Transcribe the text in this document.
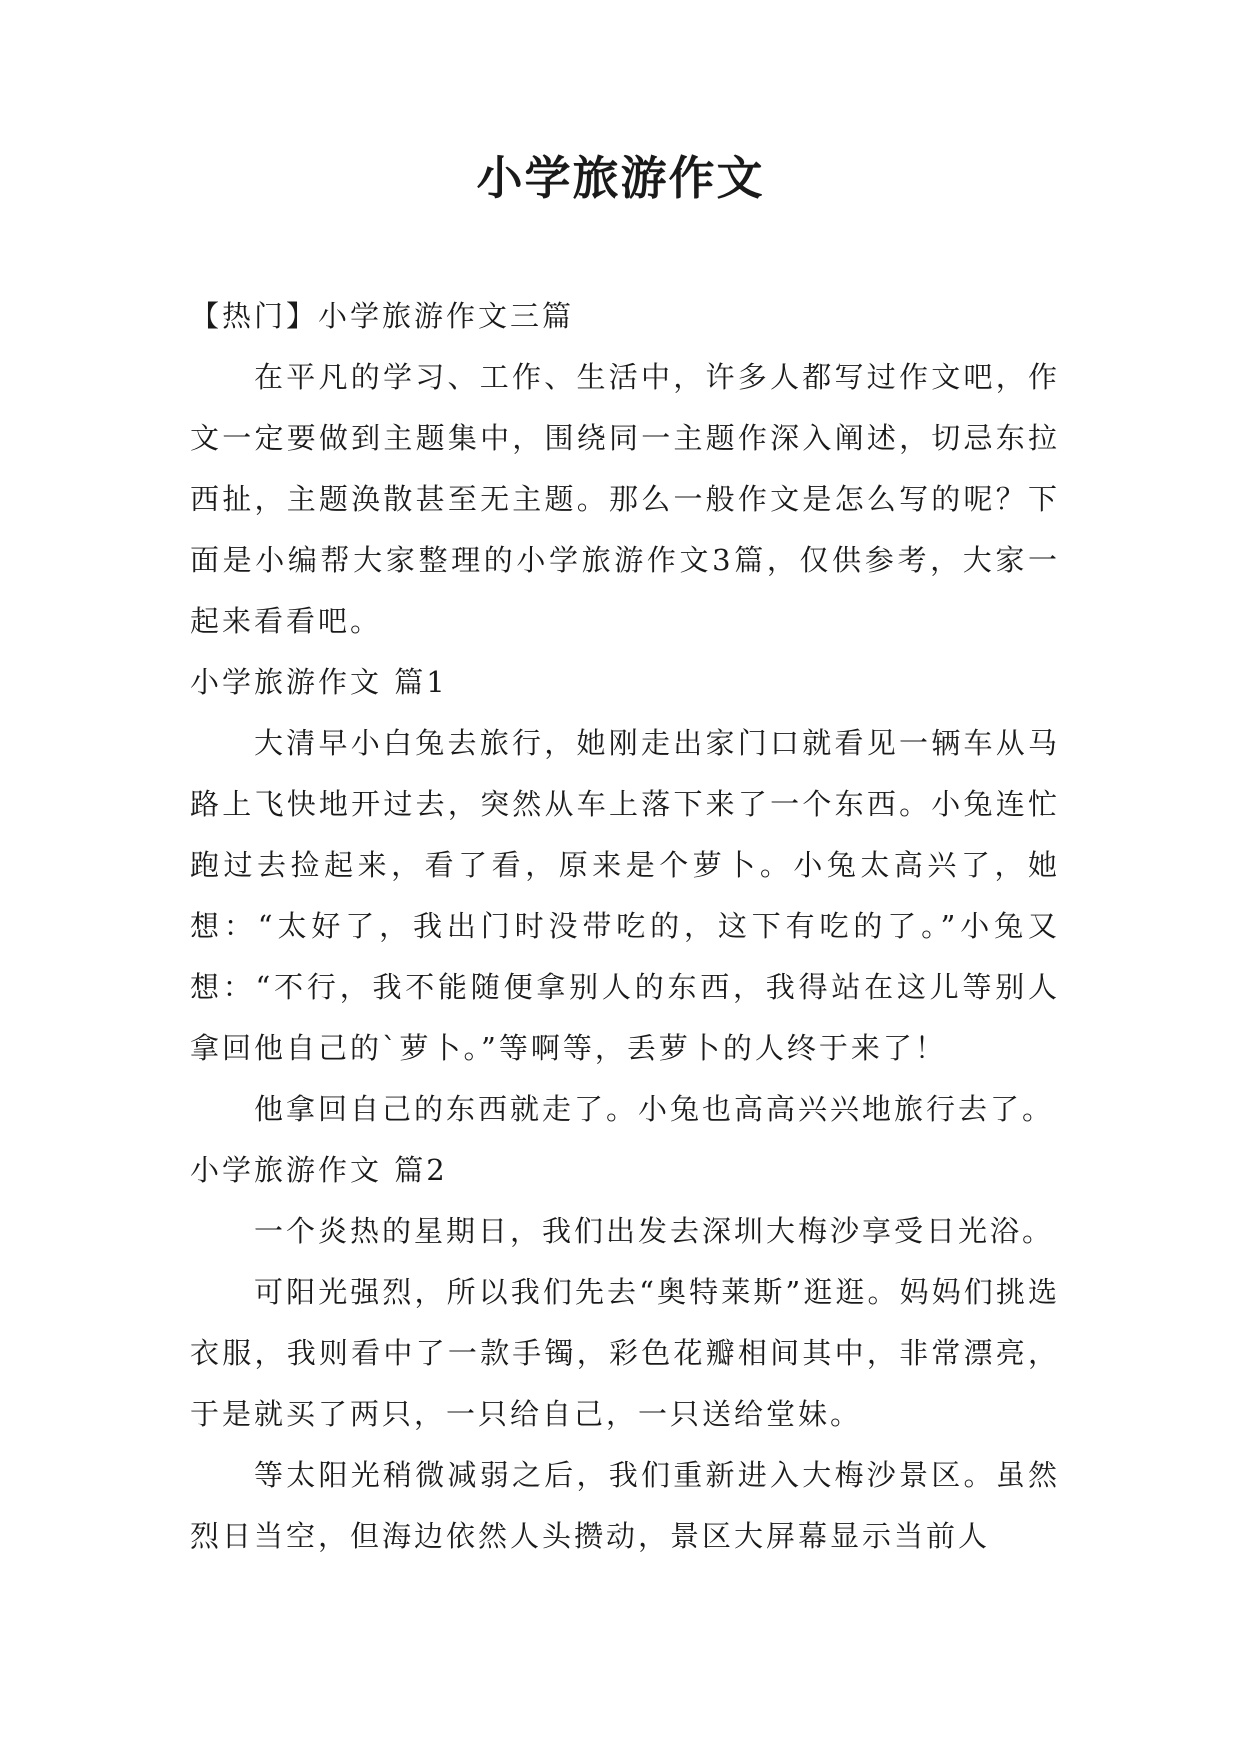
小学旅游作文

【热门】小学旅游作文三篇

在平凡的学习、工作、生活中，许多人都写过作文吧，作文一定要做到主题集中，围绕同一主题作深入阐述，切忌东拉西扯，主题涣散甚至无主题。那么一般作文是怎么写的呢？下面是小编帮大家整理的小学旅游作文3篇，仅供参考，大家一起来看看吧。

小学旅游作文 篇1

大清早小白兔去旅行，她刚走出家门口就看见一辆车从马路上飞快地开过去，突然从车上落下来了一个东西。小兔连忙跑过去捡起来，看了看，原来是个萝卜。小兔太高兴了，她想：“太好了，我出门时没带吃的，这下有吃的了。”小兔又想：“不行，我不能随便拿别人的东西，我得站在这儿等别人拿回他自己的`萝卜。”等啊等，丢萝卜的人终于来了！

他拿回自己的东西就走了。小兔也高高兴兴地旅行去了。

小学旅游作文 篇2

一个炎热的星期日，我们出发去深圳大梅沙享受日光浴。

可阳光强烈，所以我们先去“奥特莱斯”逛逛。妈妈们挑选衣服，我则看中了一款手镯，彩色花瓣相间其中，非常漂亮，于是就买了两只，一只给自己，一只送给堂妹。

等太阳光稍微减弱之后，我们重新进入大梅沙景区。虽然烈日当空，但海边依然人头攒动，景区大屏幕显示当前人
